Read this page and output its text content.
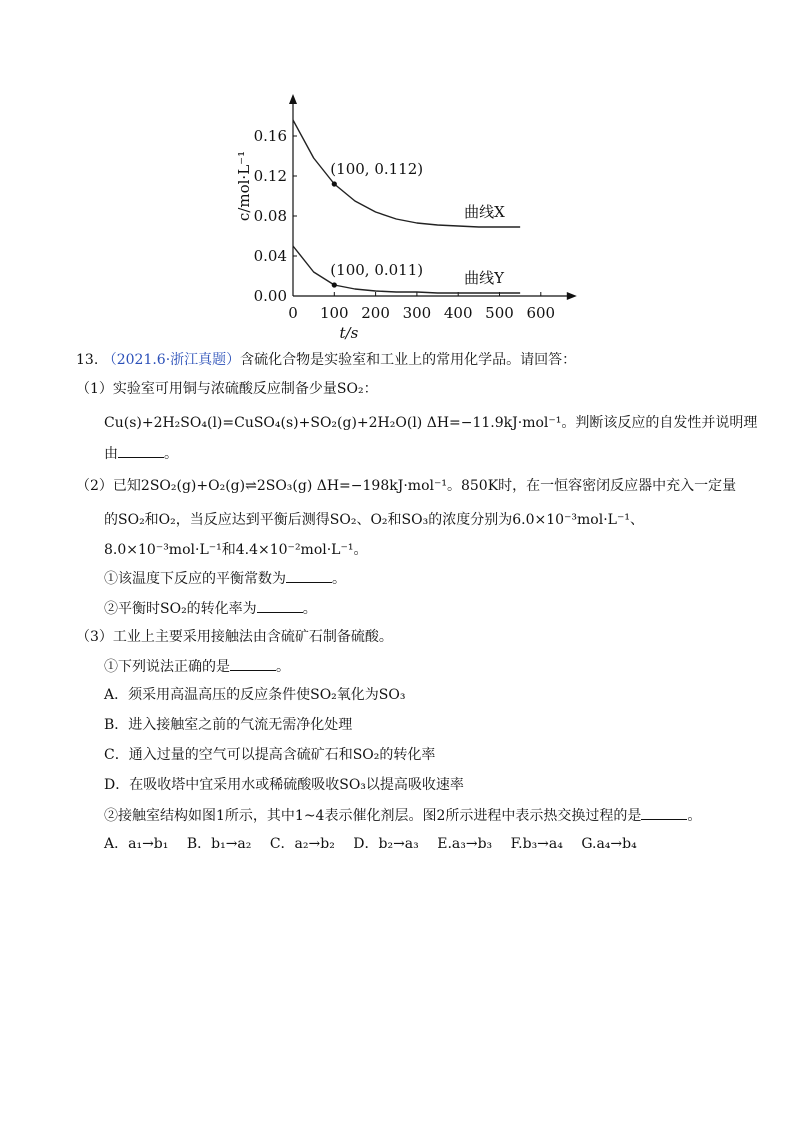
0 100 200 300 400 500 600
0.00
0.04
0.08
0.12
0.16
t/s
c/mol·L⁻¹	曲线X
曲线Y
(100, 0.112)
(100, 0.011)
13. （2021.6·浙江真题）含硫化合物是实验室和工业上的常用化学品。请回答：
（1）实验室可用铜与浓硫酸反应制备少量SO₂：
Cu(s)+2H₂SO₄(l)=CuSO₄(s)+SO₂(g)+2H₂O(l) ΔH=−11.9kJ·mol⁻¹。判断该反应的自发性并说明理
由	。
（2）已知2SO₂(g)+O₂(g)⇌2SO₃(g) ΔH=−198kJ·mol⁻¹。850K时，在一恒容密闭反应器中充入一定量
的SO₂和O₂，当反应达到平衡后测得SO₂、O₂和SO₃的浓度分别为6.0×10⁻³mol·L⁻¹、
8.0×10⁻³mol·L⁻¹和4.4×10⁻²mol·L⁻¹。
①该温度下反应的平衡常数为	。
②平衡时SO₂的转化率为	。
（3）工业上主要采用接触法由含硫矿石制备硫酸。
①下列说法正确的是	。
A．须采用高温高压的反应条件使SO₂氧化为SO₃
B．进入接触室之前的气流无需净化处理
C．通入过量的空气可以提高含硫矿石和SO₂的转化率
D．在吸收塔中宜采用水或稀硫酸吸收SO₃以提高吸收速率
②接触室结构如图1所示，其中1~4表示催化剂层。图2所示进程中表示热交换过程的是	。
A．a₁→b₁ B．b₁→a₂ C．a₂→b₂ D．b₂→a₃ E.a₃→b₃ F.b₃→a₄ G.a₄→b₄
